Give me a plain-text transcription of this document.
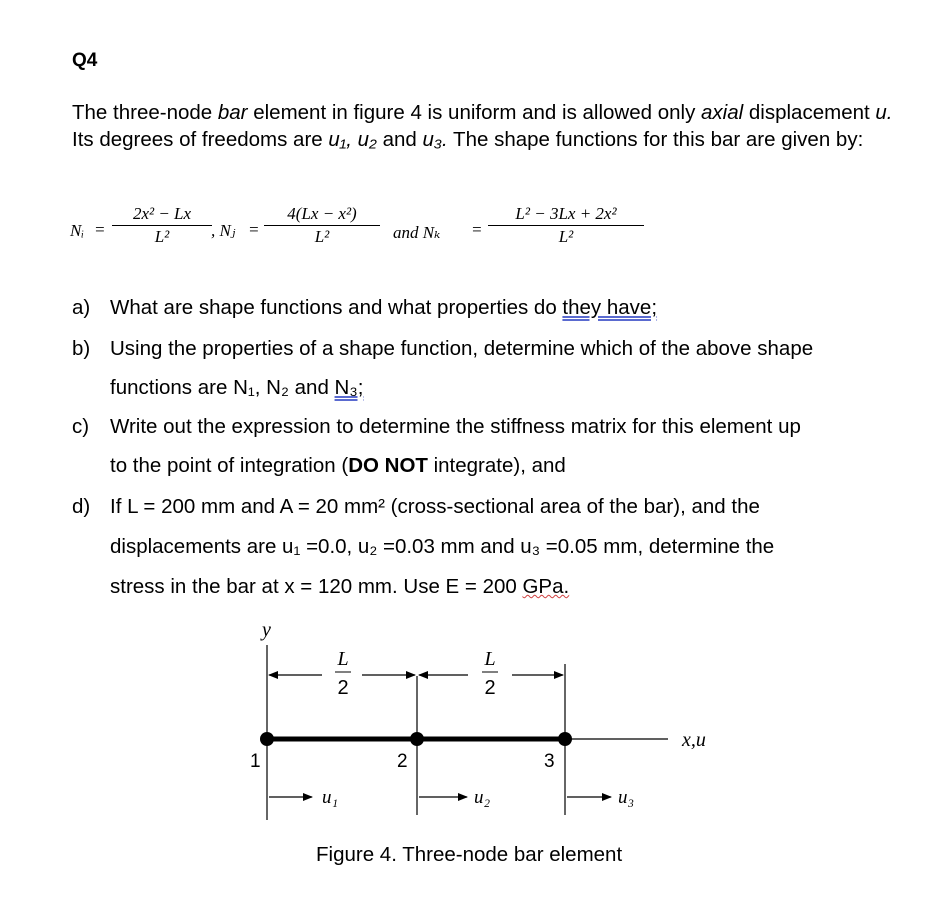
Q4
The three-node bar element in figure 4 is uniform and is allowed only axial displacement u. Its degrees of freedoms are u₁, u₂ and u₃. The shape functions for this bar are given by:
Nᵢ = $\frac{\text{2x² − Lx}}{\text{L²}}$ , Nⱼ = $\frac{\text{4(Lx − x²)}}{\text{L²}}$ and $N_k = \frac{\text{L² − 3Lx + 2x²}}{\text{L²}}$
a) What are shape functions and what properties do they have;
b) Using the properties of a shape function, determine which of the above shape
functions are N₁, N₂ and N₃;
c)	Write out the expression to determine the stiffness matrix for this element up
to the point of integration (DO NOT integrate), and
d) If L = 200 mm and A = 20 mm² (cross-sectional area of the bar), and the
displacements are u₁ =0.0, u₂ =0.03 mm and u₃ =0.05 mm, determine the
stress in the bar at x = 120 mm. Use E = 200 GPa.
y
L
2
L
2
x,u
1	2	3
u₁	u₂	u₃
Figure 4. Three-node bar element
